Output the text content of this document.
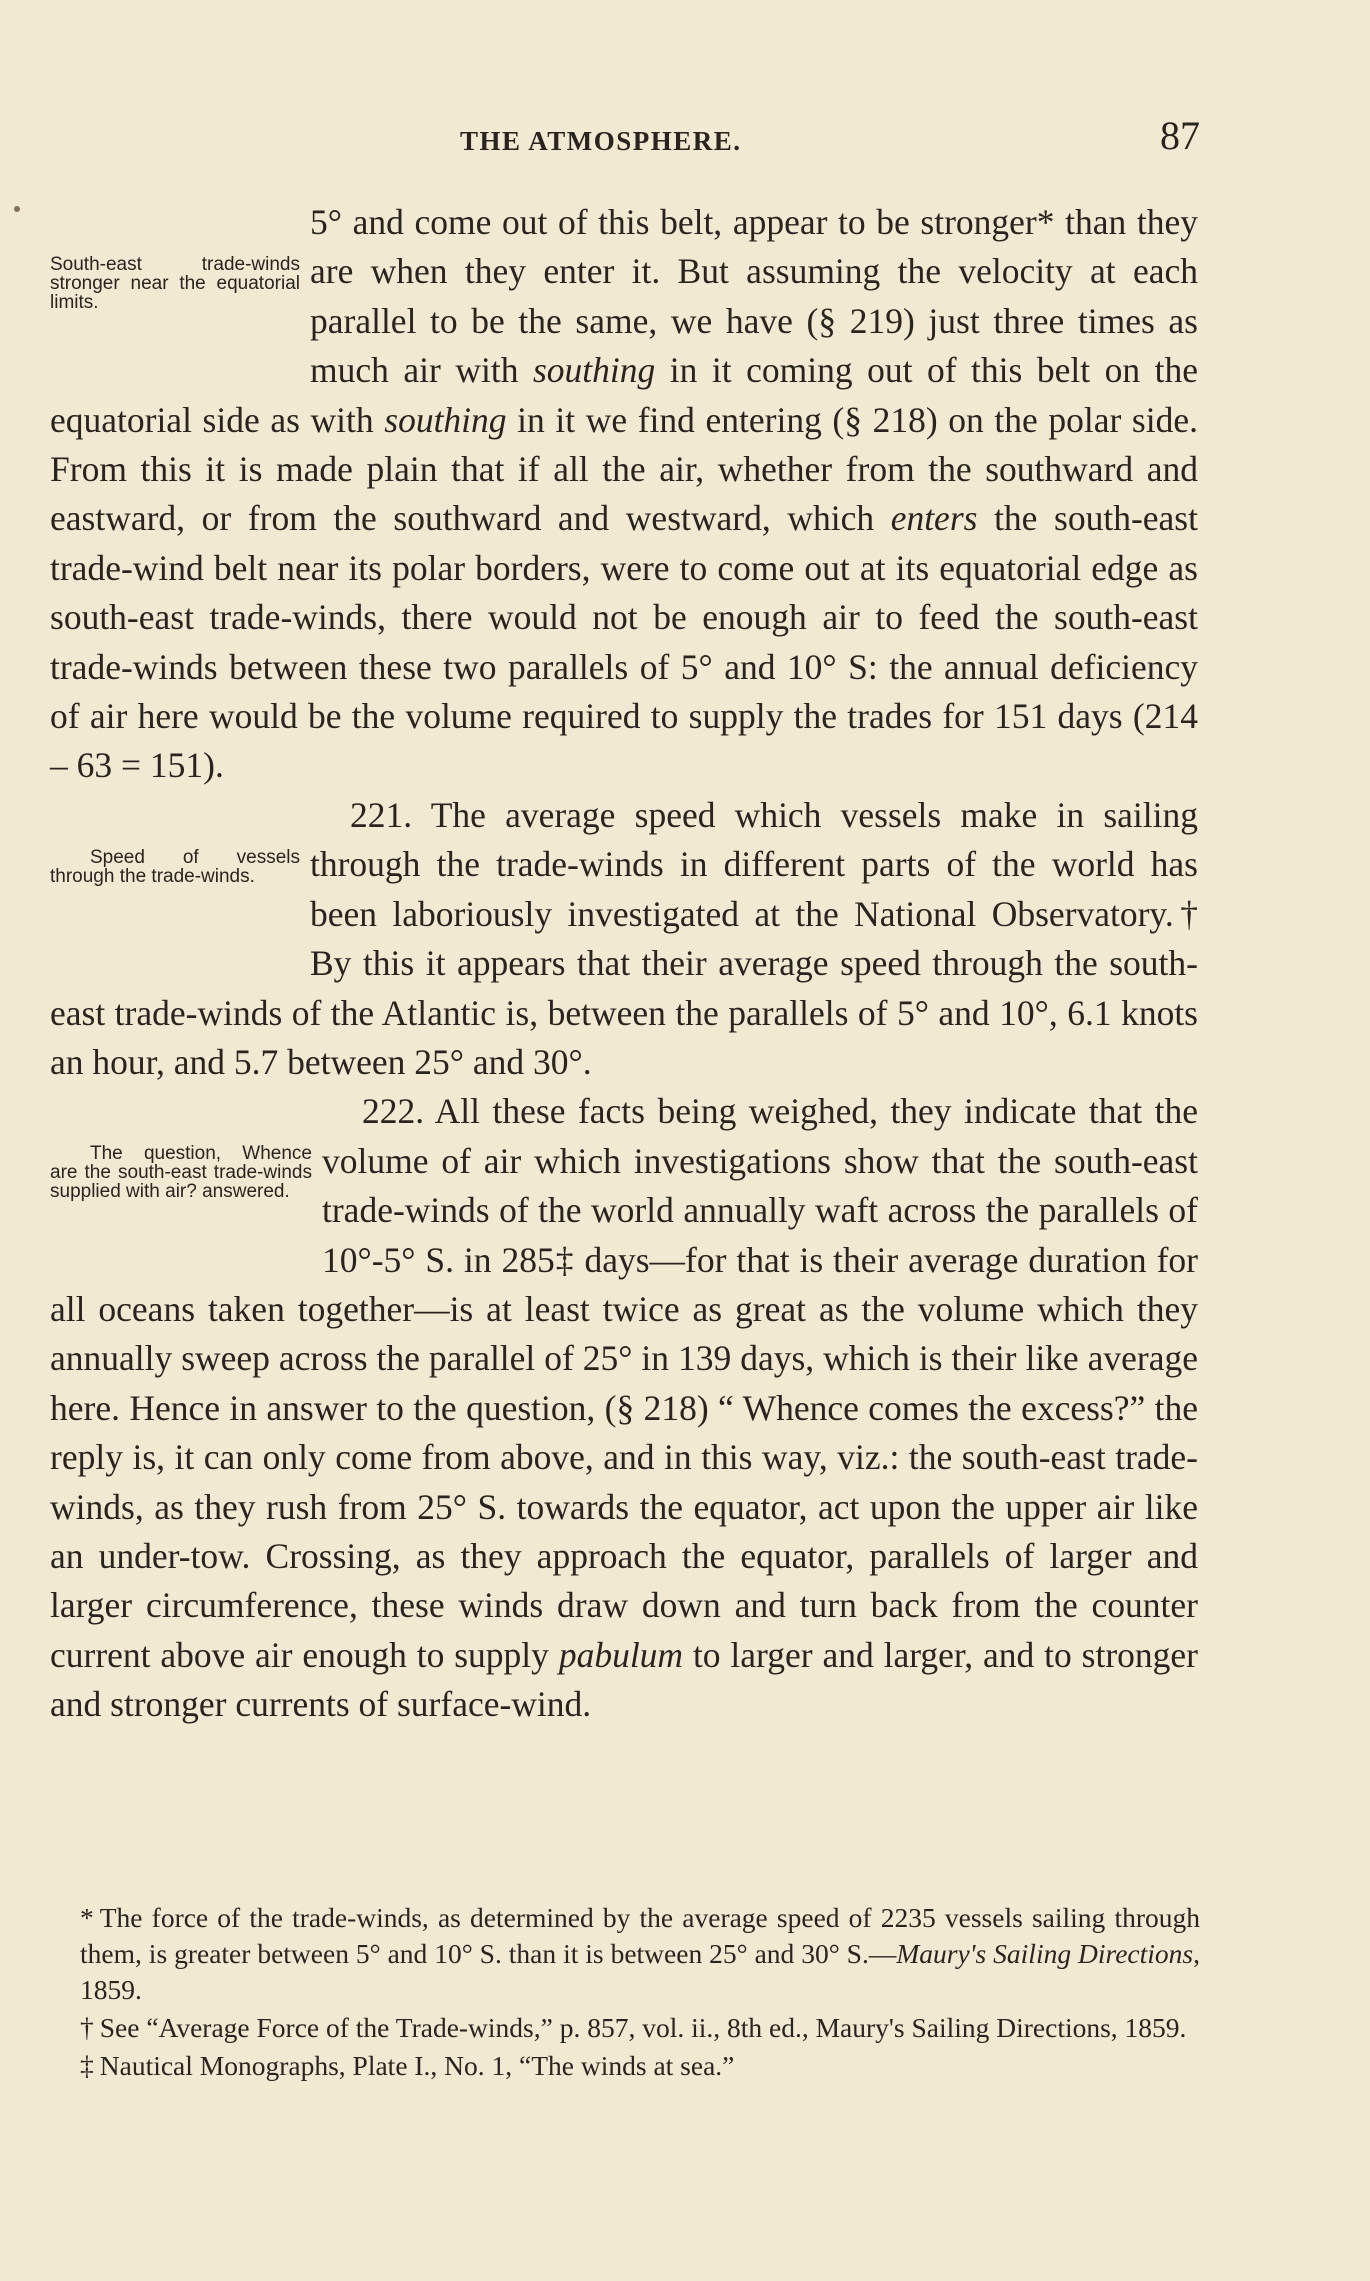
THE ATMOSPHERE.	87

South-east trade-winds stronger near the equatorial limits.
5° and come out of this belt, appear to be stronger* than they are when they enter it. But assuming the velocity at each parallel to be the same, we have (§ 219) just three times as much air with southing in it coming out of this belt on the equatorial side as with southing in it we find entering (§ 218) on the polar side. From this it is made plain that if all the air, whether from the southward and eastward, or from the southward and westward, which enters the south-east trade-wind belt near its polar borders, were to come out at its equatorial edge as south-east trade-winds, there would not be enough air to feed the south-east trade-winds between these two parallels of 5° and 10° S: the annual deficiency of air here would be the volume required to supply the trades for 151 days (214 – 63 = 151).

Speed of vessels through the trade-winds.
221. The average speed which vessels make in sailing through the trade-winds in different parts of the world has been laboriously investigated at the National Observatory.† By this it appears that their average speed through the south-east trade-winds of the Atlantic is, between the parallels of 5° and 10°, 6.1 knots an hour, and 5.7 between 25° and 30°.

The question, Whence are the south-east trade-winds supplied with air? answered.
222. All these facts being weighed, they indicate that the volume of air which investigations show that the south-east trade-winds of the world annually waft across the parallels of 10°-5° S. in 285‡ days—for that is their average duration for all oceans taken together—is at least twice as great as the volume which they annually sweep across the parallel of 25° in 139 days, which is their like average here. Hence in answer to the question, (§ 218) “ Whence comes the excess?” the reply is, it can only come from above, and in this way, viz.: the south-east trade-winds, as they rush from 25° S. towards the equator, act upon the upper air like an under-tow. Crossing, as they approach the equator, parallels of larger and larger circumference, these winds draw down and turn back from the counter current above air enough to supply pabulum to larger and larger, and to stronger and stronger currents of surface-wind.

* The force of the trade-winds, as determined by the average speed of 2235 vessels sailing through them, is greater between 5° and 10° S. than it is between 25° and 30° S.—Maury's Sailing Directions, 1859.

† See “Average Force of the Trade-winds,” p. 857, vol. ii., 8th ed., Maury's Sailing Directions, 1859.

‡ Nautical Monographs, Plate I., No. 1, “The winds at sea.”
